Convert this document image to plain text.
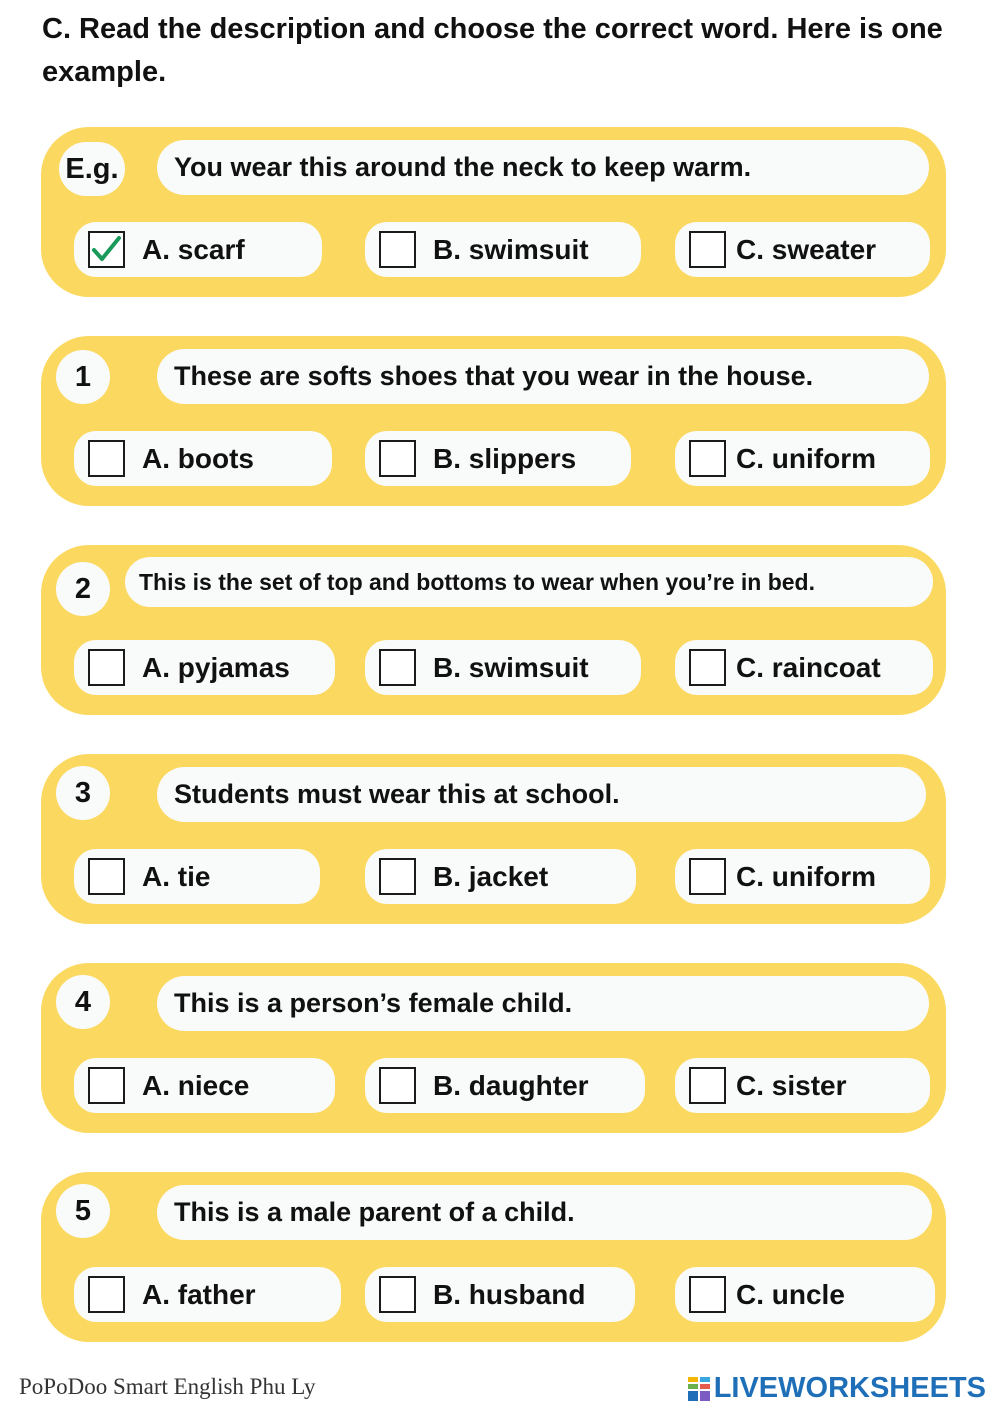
C. Read the description and choose the correct word. Here is one example.

E.g.	You wear this around the neck to keep warm.
A. scarf	B. swimsuit	C. sweater
1	These are softs shoes that you wear in the house.
A. boots	B. slippers	C. uniform
2	This is the set of top and bottoms to wear when you’re in bed.
A. pyjamas	B. swimsuit	C. raincoat
3	Students must wear this at school.
A. tie	B. jacket	C. uniform
4	This is a person’s female child.
A. niece	B. daughter	C. sister
5	This is a male parent of a child.
A. father	B. husband	C. uncle
PoPoDoo Smart English Phu Ly	LIVEWORKSHEETS
